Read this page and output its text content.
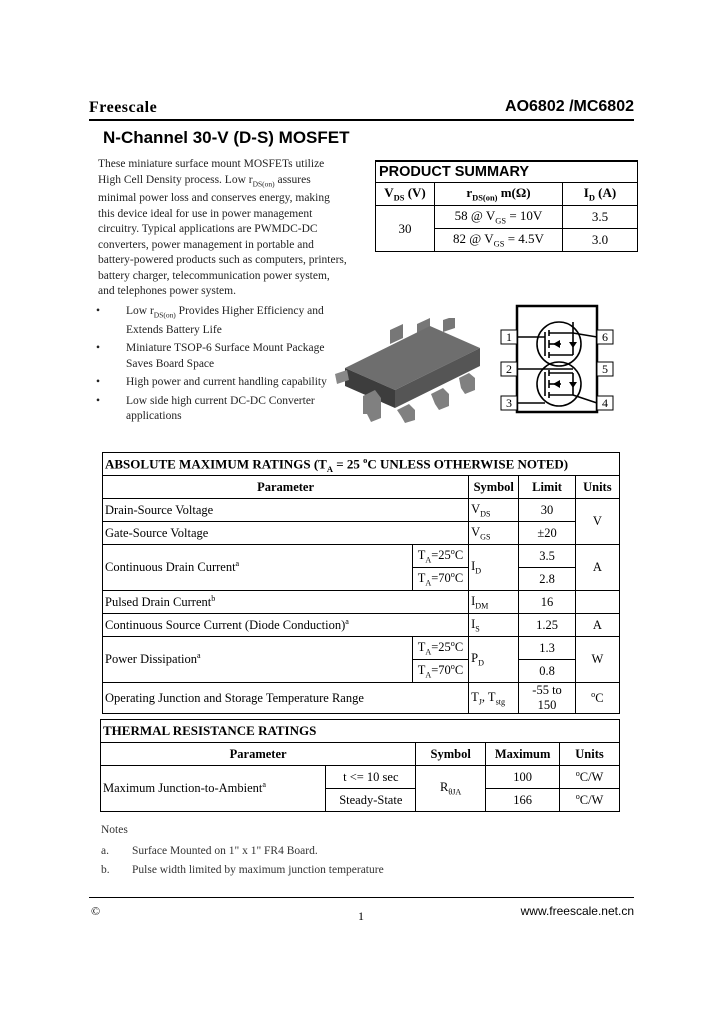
Freescale	AO6802 /MC6802
N-Channel 30-V (D-S) MOSFET
These miniature surface mount MOSFETs utilize High Cell Density process. Low $r_{DS(on)}$ assures minimal power loss and conserves energy, making this device ideal for use in power management circuitry. Typical applications are PWMDC-DC converters, power management in portable and battery-powered products such as computers, printers, battery charger, telecommunication power system, and telephones power system.
• Low $r_{DS(on)}$ Provides Higher Efficiency and Extends Battery Life
• Miniature TSOP-6 Surface Mount Package Saves Board Space
• High power and current handling capability
• Low side high current DC-DC Converter applications
PRODUCT SUMMARY		
$V_{DS}$ (V)	$r_{DS(on)}$ m(Ω)	$I_D$ (A)
30	58 @ $V_{GS} = 10V$	3.5
	82 @ $V_{GS} = 4.5V$	3.0
1
2
3
6
5
4
ABSOLUTE MAXIMUM RATINGS ($T_A = 25$ $^o$C UNLESS OTHERWISE NOTED)				
Parameter		Symbol	Limit	Units
Drain-Source Voltage		$V_{DS}$	30	V
Gate-Source Voltage		$V_{GS}$	±20	
Continuous Drain Current$^a$	$T_A=25^oC$	$I_D$	3.5	A
	$T_A=70^oC$		2.8	
Pulsed Drain Current$^b$		$I_{DM}$	16	
Continuous Source Current (Diode Conduction)$^a$		$I_S$	1.25	A
Power Dissipation$^a$	$T_A=25^oC$	$P_D$	1.3	W
	$T_A=70^oC$		0.8	
Operating Junction and Storage Temperature Range		$T_J$, $T_{stg}$	-55 to 150	$^o$C
THERMAL RESISTANCE RATINGS				
Parameter		Symbol	Maximum	Units
Maximum Junction-to-Ambient$^a$	t <= 10 sec	$R_{\theta JA}$	100	$^o$C/W
	Steady-State		166	$^o$C/W
Notes
a. Surface Mounted on 1" x 1" FR4 Board.
b. Pulse width limited by maximum junction temperature
©	1	www.freescale.net.cn
